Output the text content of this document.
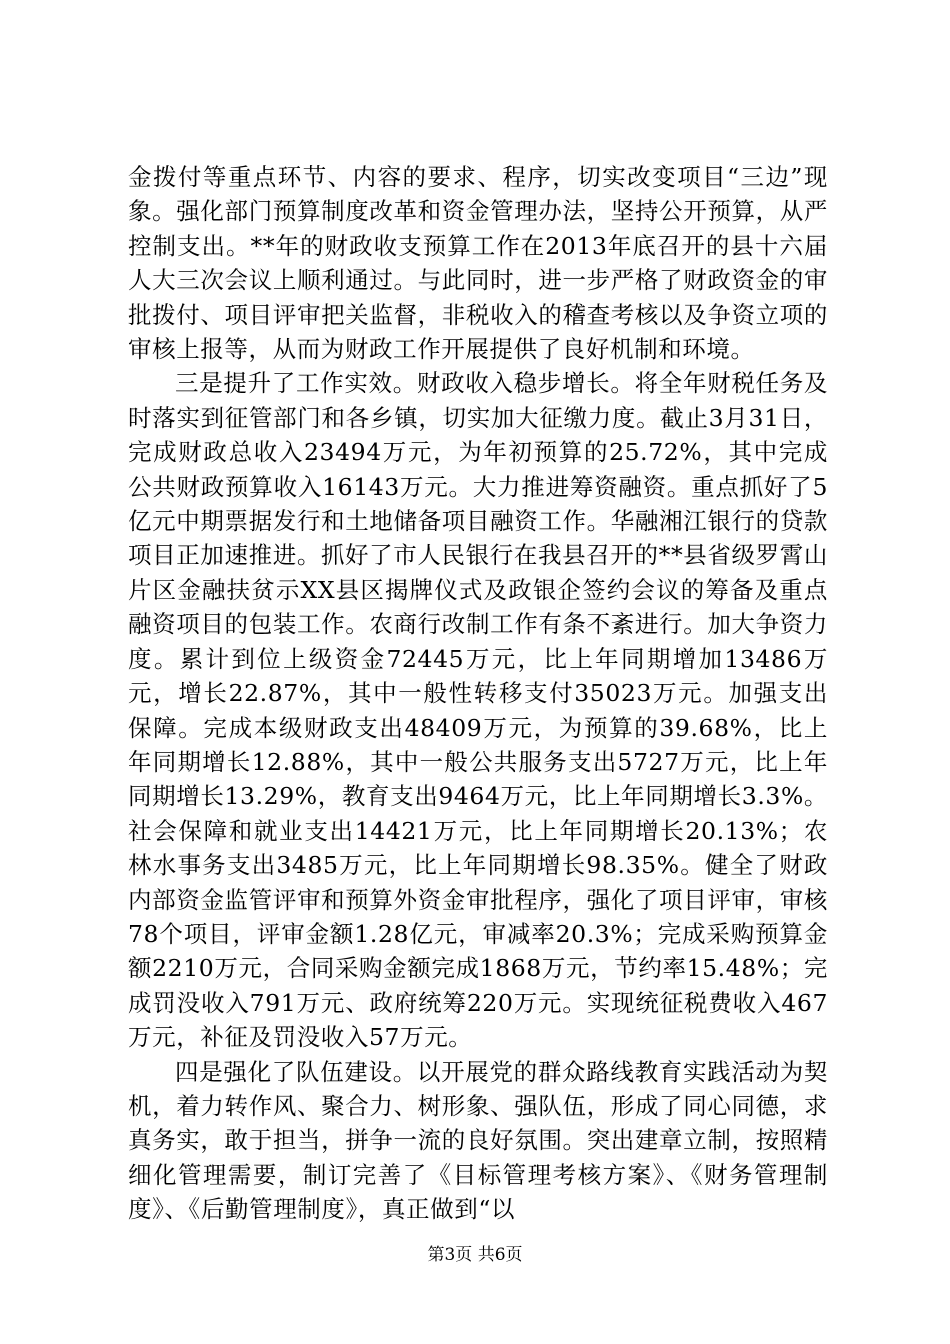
金拨付等重点环节、内容的要求、程序，切实改变项目“三边”现象。强化部门预算制度改革和资金管理办法，坚持公开预算，从严控制支出。**年的财政收支预算工作在2013年底召开的县十六届人大三次会议上顺利通过。与此同时，进一步严格了财政资金的审批拨付、项目评审把关监督，非税收入的稽查考核以及争资立项的审核上报等，从而为财政工作开展提供了良好机制和环境。

三是提升了工作实效。财政收入稳步增长。将全年财税任务及时落实到征管部门和各乡镇，切实加大征缴力度。截止3月31日，完成财政总收入23494万元，为年初预算的25.72%，其中完成公共财政预算收入16143万元。大力推进筹资融资。重点抓好了5亿元中期票据发行和土地储备项目融资工作。华融湘江银行的贷款项目正加速推进。抓好了市人民银行在我县召开的**县省级罗霄山片区金融扶贫示XX县区揭牌仪式及政银企签约会议的筹备及重点融资项目的包装工作。农商行改制工作有条不紊进行。加大争资力度。累计到位上级资金72445万元，比上年同期增加13486万元，增长22.87%，其中一般性转移支付35023万元。加强支出保障。完成本级财政支出48409万元，为预算的39.68%，比上年同期增长12.88%，其中一般公共服务支出5727万元，比上年同期增长13.29%，教育支出9464万元，比上年同期增长3.3%。社会保障和就业支出14421万元，比上年同期增长20.13%；农林水事务支出3485万元，比上年同期增长98.35%。健全了财政内部资金监管评审和预算外资金审批程序，强化了项目评审，审核78个项目，评审金额1.28亿元，审减率20.3%；完成采购预算金额2210万元，合同采购金额完成1868万元，节约率15.48%；完成罚没收入791万元、政府统筹220万元。实现统征税费收入467万元，补征及罚没收入57万元。

四是强化了队伍建设。以开展党的群众路线教育实践活动为契机，着力转作风、聚合力、树形象、强队伍，形成了同心同德，求真务实，敢于担当，拼争一流的良好氛围。突出建章立制，按照精细化管理需要，制订完善了《目标管理考核方案》、《财务管理制度》、《后勤管理制度》，真正做到“以

第3页 共6页
